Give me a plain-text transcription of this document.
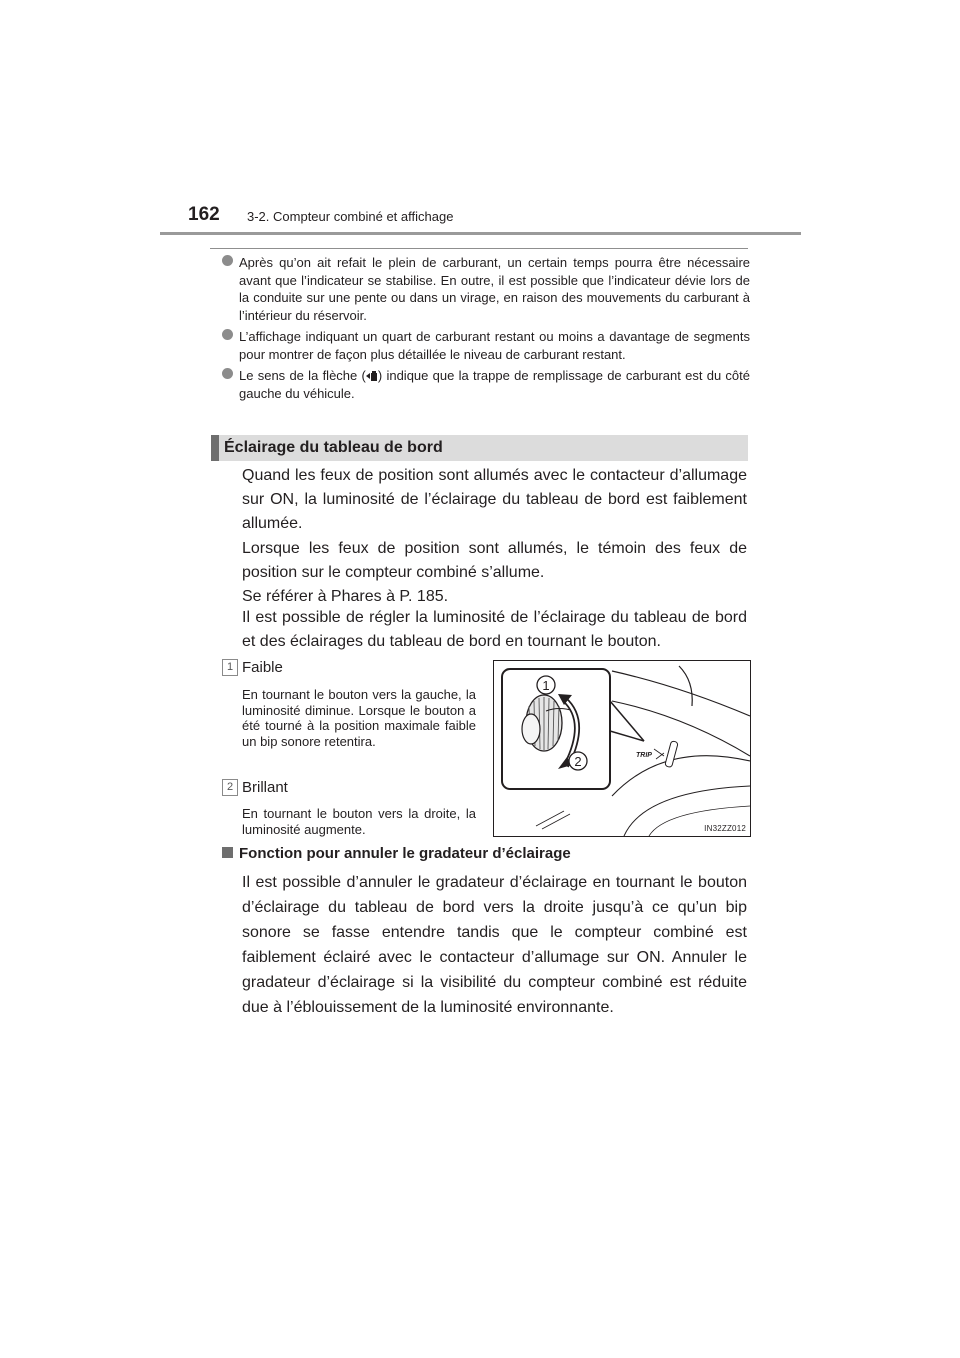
162 3-2. Compteur combiné et affichage
Après qu’on ait refait le plein de carburant, un certain temps pourra être nécessaire avant que l’indicateur se stabilise. En outre, il est possible que l’indicateur dévie lors de la conduite sur une pente ou dans un virage, en raison des mouvements du carburant à l’intérieur du réservoir.
L’affichage indiquant un quart de carburant restant ou moins a davantage de segments pour montrer de façon plus détaillée le niveau de carburant restant.
Le sens de la flèche ( ) indique que la trappe de remplissage de carburant est du côté gauche du véhicule.
Éclairage du tableau de bord

Quand les feux de position sont allumés avec le contacteur d’allumage sur ON, la luminosité de l’éclairage du tableau de bord est faiblement allumée.

Lorsque les feux de position sont allumés, le témoin des feux de position sur le compteur combiné s’allume.

Se référer à Phares à P. 185.

Il est possible de régler la luminosité de l’éclairage du tableau de bord et des éclairages du tableau de bord en tournant le bouton.

1 Faible

En tournant le bouton vers la gauche, la luminosité diminue. Lorsque le bouton a été tourné à la position maximale faible un bip sonore retentira.

2 Brillant

En tournant le bouton vers la droite, la luminosité augmente.

1
2	TRIP
IN32ZZ012
Fonction pour annuler le gradateur d’éclairage

Il est possible d’annuler le gradateur d’éclairage en tournant le bouton d’éclairage du tableau de bord vers la droite jusqu’à ce qu’un bip sonore se fasse entendre tandis que le compteur combiné est faiblement éclairé avec le contacteur d’allumage sur ON. Annuler le gradateur d’éclairage si la visibilité du compteur combiné est réduite due à l’éblouissement de la luminosité environnante.
